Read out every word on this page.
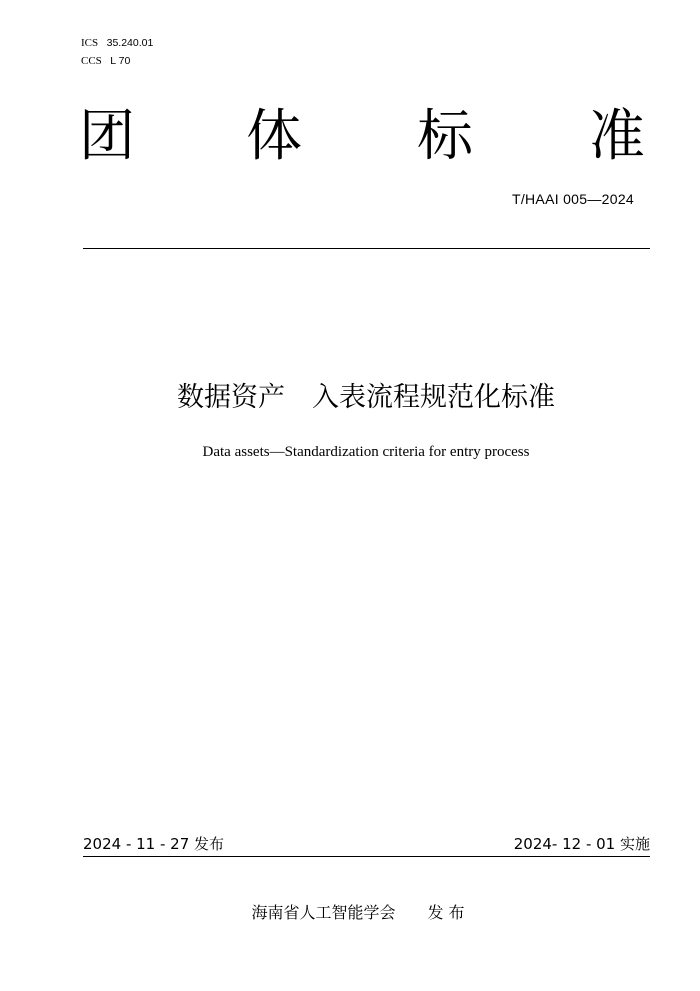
ICS 35.240.01
CCS L 70
团 体 标 准
T/HAAI 005—2024
数据资产　入表流程规范化标准
Data assets—Standardization criteria for entry process
2024 - 11 - 27 发布	2024- 12 - 01 实施
海南省人工智能学会　　发 布
